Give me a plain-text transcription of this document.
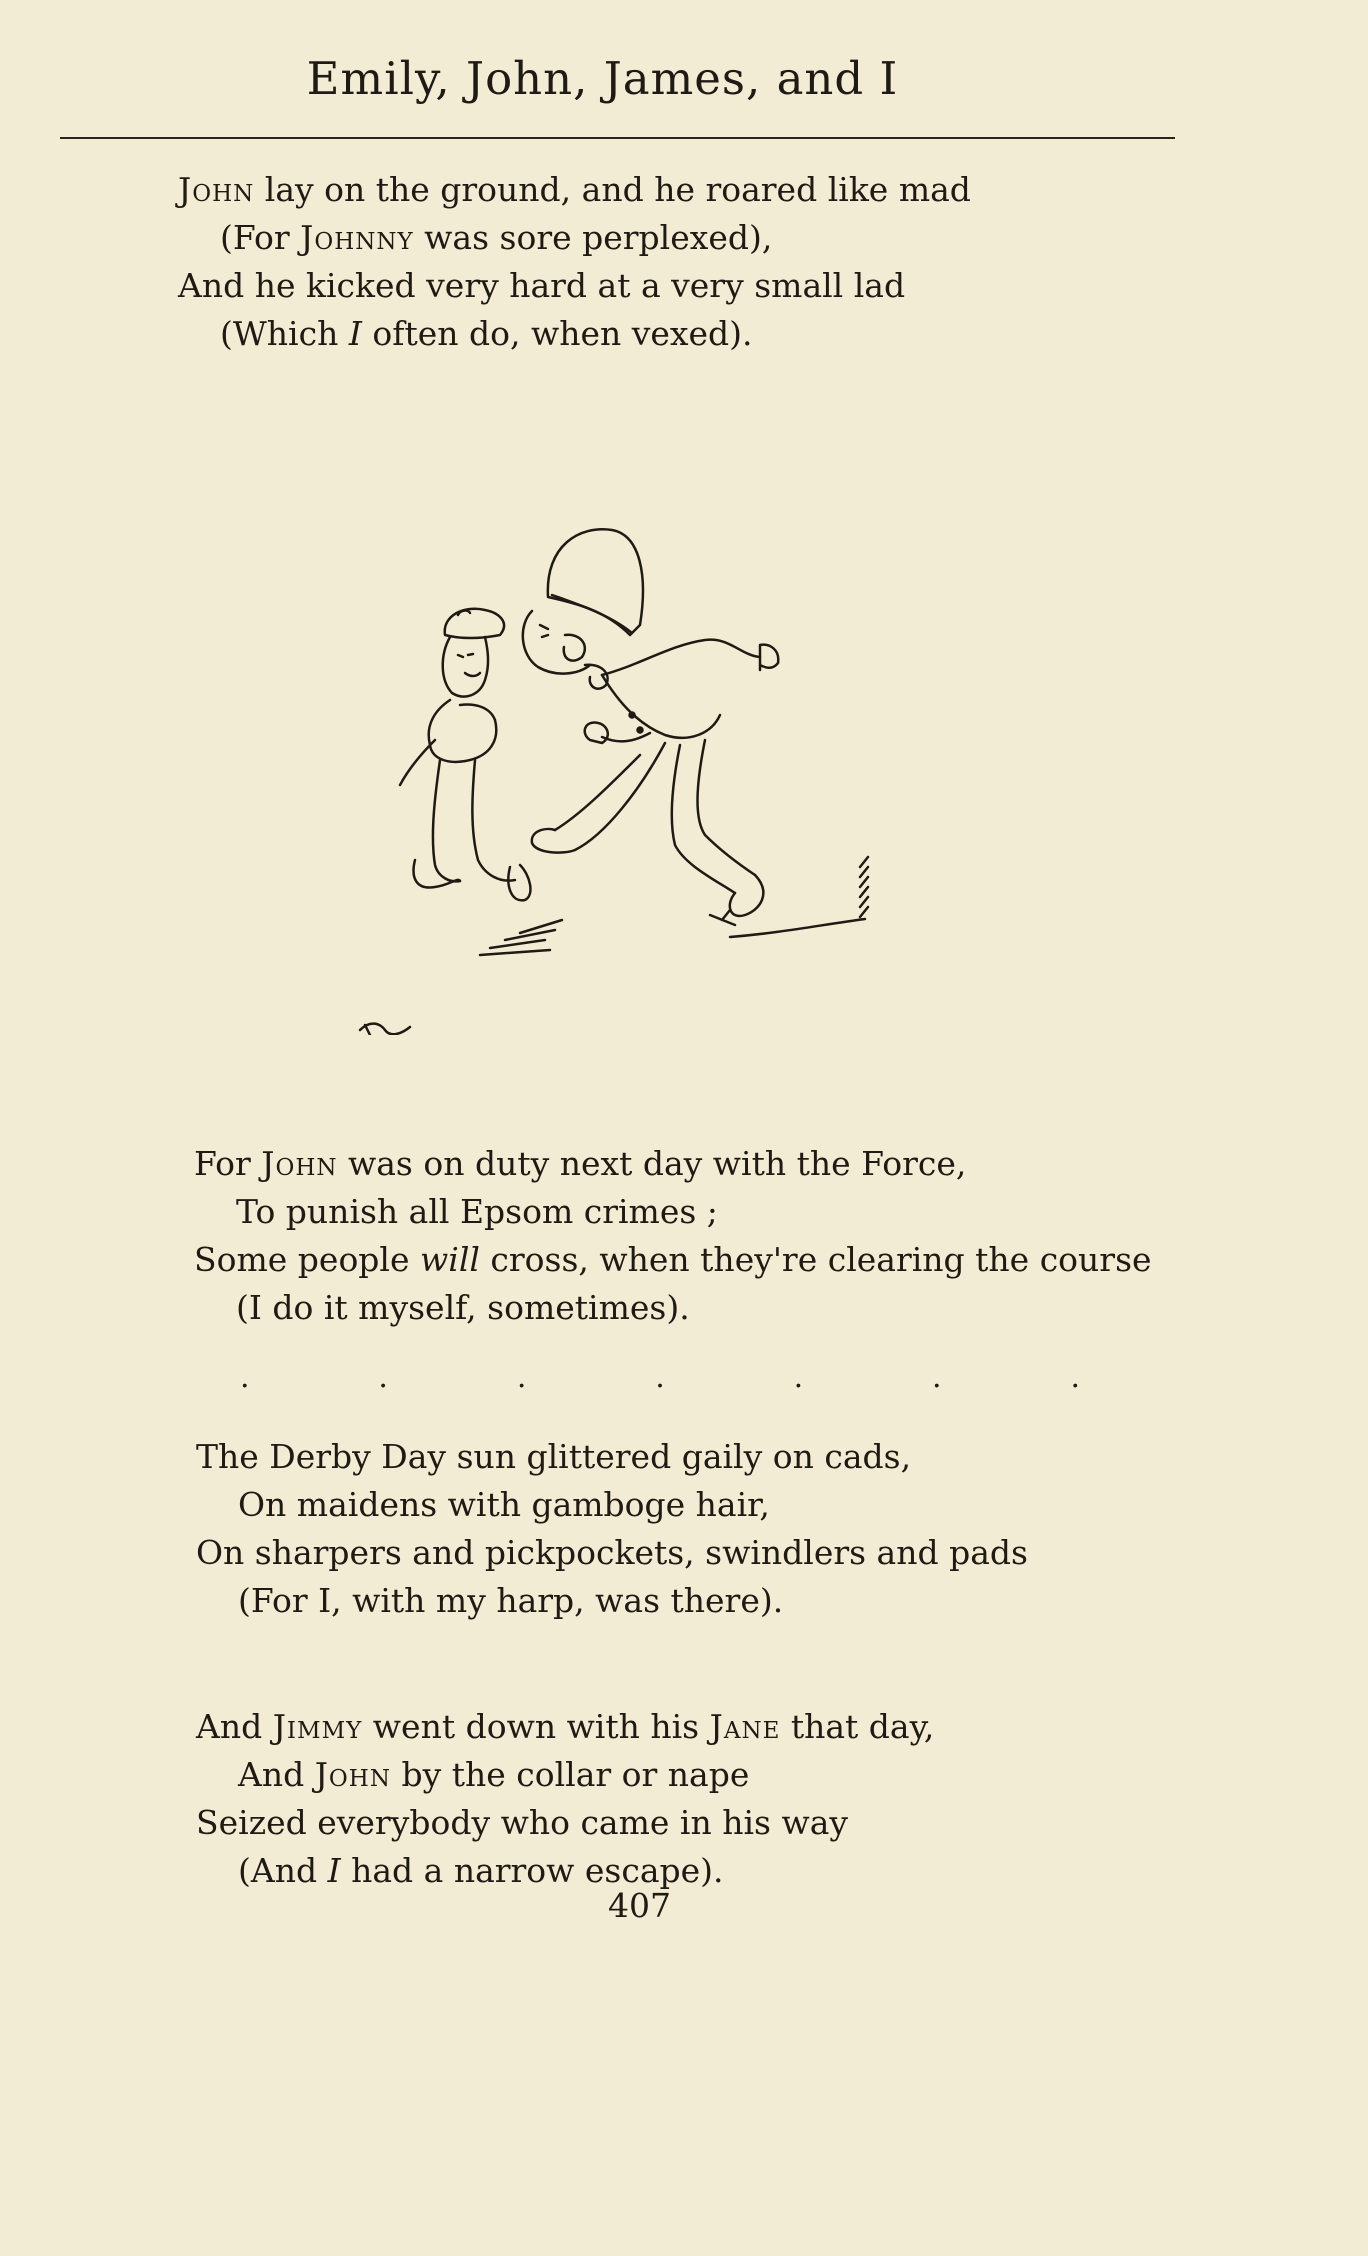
Emily, John, James, and I
John lay on the ground, and he roared like mad
(For Johnny was sore perplexed),
And he kicked very hard at a very small lad
(Which I often do, when vexed).
For John was on duty next day with the Force,
To punish all Epsom crimes ;
Some people will cross, when they're clearing the course
(I do it myself, sometimes).
.	.	.	.	.	.	.
The Derby Day sun glittered gaily on cads,
On maidens with gamboge hair,
On sharpers and pickpockets, swindlers and pads
(For I, with my harp, was there).
And Jimmy went down with his Jane that day,
And John by the collar or nape
Seized everybody who came in his way
(And I had a narrow escape).
407
